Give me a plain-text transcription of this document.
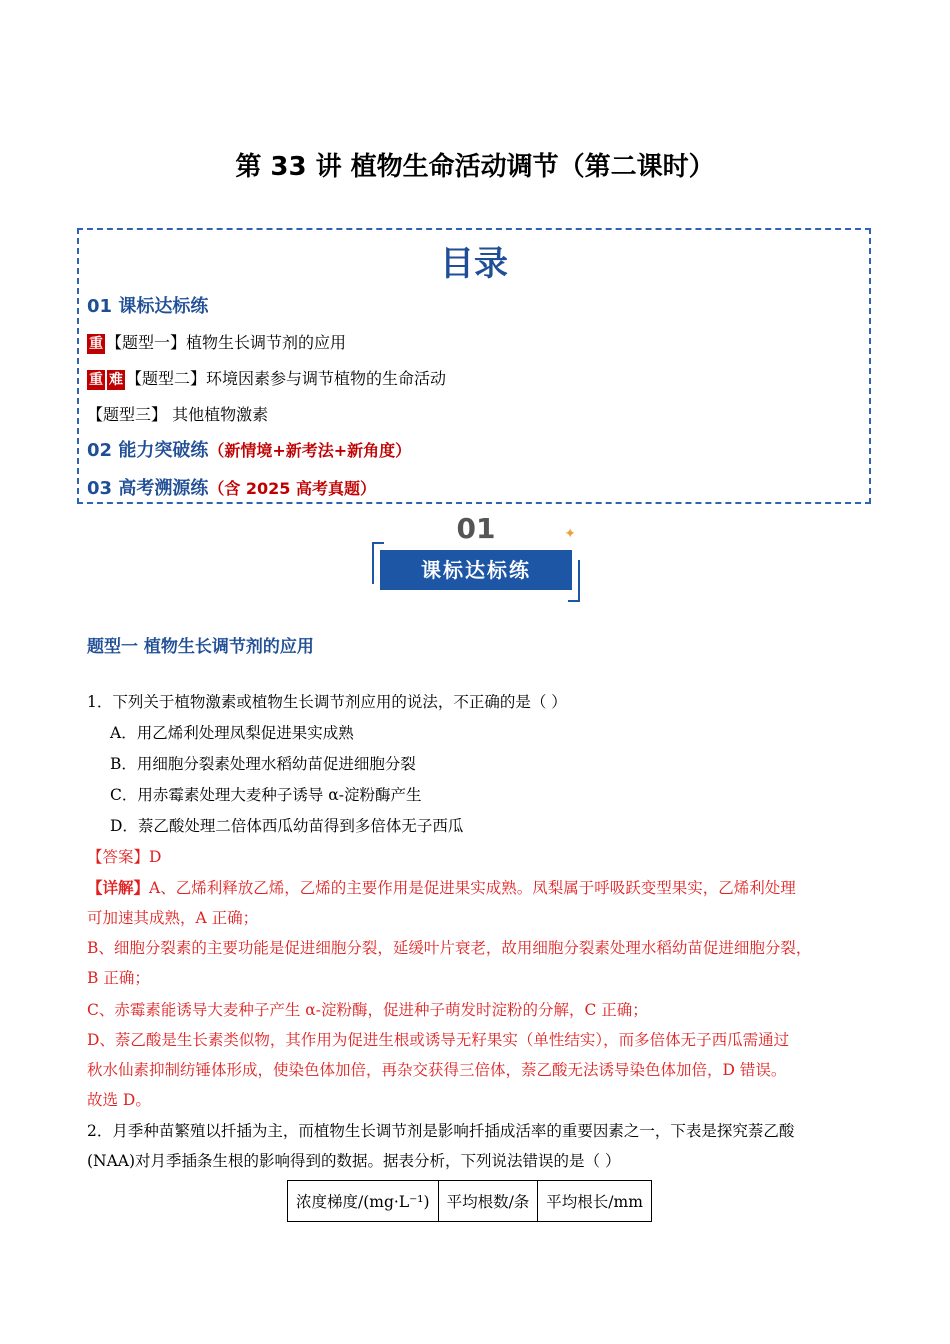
第 33 讲 植物生命活动调节（第二课时）
目录
01 课标达标练
重 【题型一】植物生长调节剂的应用
重 难 【题型二】环境因素参与调节植物的生命活动
【题型三】 其他植物激素
02 能力突破练（新情境+新考法+新角度）
03 高考溯源练（含 2025 高考真题）
01	✦
课标达标练
题型一 植物生长调节剂的应用
1．下列关于植物激素或植物生长调节剂应用的说法，不正确的是（ ）
A．用乙烯利处理凤梨促进果实成熟
B．用细胞分裂素处理水稻幼苗促进细胞分裂
C．用赤霉素处理大麦种子诱导 α-淀粉酶产生
D．萘乙酸处理二倍体西瓜幼苗得到多倍体无子西瓜
【答案】D
【详解】A、乙烯利释放乙烯，乙烯的主要作用是促进果实成熟。凤梨属于呼吸跃变型果实，乙烯利处理
可加速其成熟，A 正确；
B、细胞分裂素的主要功能是促进细胞分裂，延缓叶片衰老，故用细胞分裂素处理水稻幼苗促进细胞分裂，
B 正确；
C、赤霉素能诱导大麦种子产生 α-淀粉酶，促进种子萌发时淀粉的分解，C 正确；
D、萘乙酸是生长素类似物，其作用为促进生根或诱导无籽果实（单性结实），而多倍体无子西瓜需通过
秋水仙素抑制纺锤体形成，使染色体加倍，再杂交获得三倍体，萘乙酸无法诱导染色体加倍，D 错误。
故选 D。
2．月季种苗繁殖以扦插为主，而植物生长调节剂是影响扦插成活率的重要因素之一，下表是探究萘乙酸
(NAA)对月季插条生根的影响得到的数据。据表分析，下列说法错误的是（ ）
浓度梯度/(mg·L⁻¹)	平均根数/条	平均根长/mm
